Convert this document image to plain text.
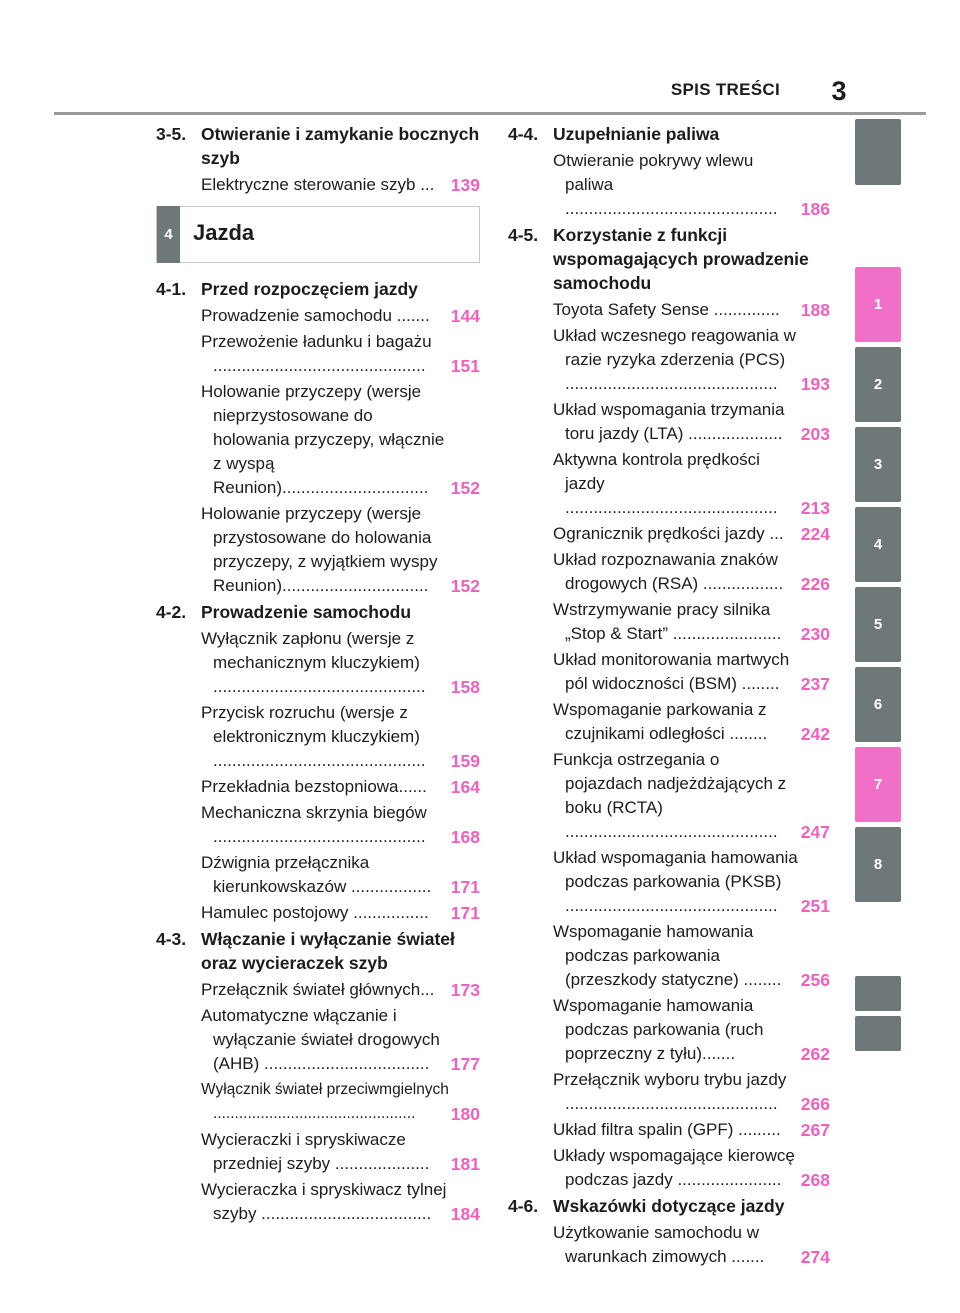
SPIS TREŚCI	3
3-5. Otwieranie i zamykanie bocznych szyb
Elektryczne sterowanie szyb ... 139
4 Jazda
4-1. Przed rozpoczęciem jazdy
Prowadzenie samochodu .......	144
Przewożenie ładunku i bagażu .............................................	151
Holowanie przyczepy (wersje nieprzystosowane do holowania przyczepy, włącznie z wyspą Reunion)...............................	152
Holowanie przyczepy (wersje przystosowane do holowania przyczepy, z wyjątkiem wyspy Reunion)...............................	152
4-2. Prowadzenie samochodu
Wyłącznik zapłonu (wersje z mechanicznym kluczykiem) .............................................	158
Przycisk rozruchu (wersje z elektronicznym kluczykiem) .............................................	159
Przekładnia bezstopniowa......	164
Mechaniczna skrzynia biegów .............................................	168
Dźwignia przełącznika kierunkowskazów .................	171
Hamulec postojowy ................	171
4-3. Włączanie i wyłączanie świateł oraz wycieraczek szyb
Przełącznik świateł głównych... 173
Automatyczne włączanie i wyłączanie świateł drogowych (AHB) ...................................	177
Wyłącznik świateł przeciwmgielnych ...............................................	180
Wycieraczki i spryskiwacze przedniej szyby ....................	181
Wycieraczka i spryskiwacz tylnej szyby ....................................	184
4-4. Uzupełnianie paliwa
Otwieranie pokrywy wlewu paliwa .............................................	186
4-5. Korzystanie z funkcji wspomagających prowadzenie samochodu
Toyota Safety Sense ..............	188
Układ wczesnego reagowania w razie ryzyka zderzenia (PCS) .............................................	193
Układ wspomagania trzymania toru jazdy (LTA) ....................	203
Aktywna kontrola prędkości jazdy .............................................	213
Ogranicznik prędkości jazdy ... 224
Układ rozpoznawania znaków drogowych (RSA) .................	226
Wstrzymywanie pracy silnika „Stop & Start” .......................	230
Układ monitorowania martwych pól widoczności (BSM) ........	237
Wspomaganie parkowania z czujnikami odległości ........	242
Funkcja ostrzegania o pojazdach nadjeżdżających z boku (RCTA) .............................................	247
Układ wspomagania hamowania podczas parkowania (PKSB) .............................................	251
Wspomaganie hamowania podczas parkowania (przeszkody statyczne) ........	256
Wspomaganie hamowania podczas parkowania (ruch poprzeczny z tyłu).......	262
Przełącznik wyboru trybu jazdy .............................................	266
Układ filtra spalin (GPF) .........	267
Układy wspomagające kierowcę podczas jazdy ......................	268
4-6. Wskazówki dotyczące jazdy
Użytkowanie samochodu w warunkach zimowych .......	274
1
2
3
4
5
6
7
8
